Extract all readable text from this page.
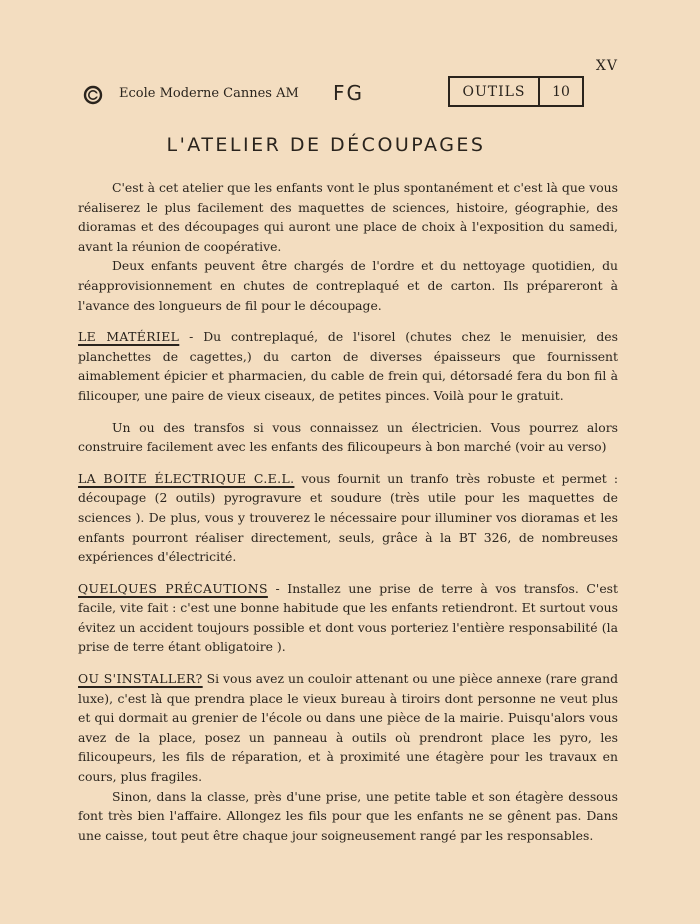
XV
Ecole Moderne Cannes AM FG	OUTILS	10
L'ATELIER DE DÉCOUPAGES

C'est à cet atelier que les enfants vont le plus spontanément et c'est là que vous réaliserez le plus facilement des maquettes de sciences, histoire, géographie, des dioramas et des découpages qui auront une place de choix à l'exposition du samedi, avant la réunion de coopérative.

Deux enfants peuvent être chargés de l'ordre et du nettoyage quotidien, du réapprovisionnement en chutes de contreplaqué et de carton. Ils prépareront à l'avance des longueurs de fil pour le découpage.

LE MATÉRIEL - Du contreplaqué, de l'isorel (chutes chez le menuisier, des planchettes de cagettes,) du carton de diverses épaisseurs que fournissent aimablement épicier et pharmacien, du cable de frein qui, détorsadé fera du bon fil à filicouper, une paire de vieux ciseaux, de petites pinces. Voilà pour le gratuit.

Un ou des transfos si vous connaissez un électricien. Vous pourrez alors construire facilement avec les enfants des filicoupeurs à bon marché (voir au verso)

LA BOITE ÉLECTRIQUE C.E.L. vous fournit un tranfo très robuste et permet : découpage (2 outils) pyrogravure et soudure (très utile pour les maquettes de sciences ). De plus, vous y trouverez le nécessaire pour illuminer vos dioramas et les enfants pourront réaliser directement, seuls, grâce à la BT 326, de nombreuses expériences d'électricité.

QUELQUES PRÉCAUTIONS - Installez une prise de terre à vos transfos. C'est facile, vite fait : c'est une bonne habitude que les enfants retiendront. Et surtout vous évitez un accident toujours possible et dont vous porteriez l'entière responsabilité (la prise de terre étant obligatoire ).

OU S'INSTALLER? Si vous avez un couloir attenant ou une pièce annexe (rare grand luxe), c'est là que prendra place le vieux bureau à tiroirs dont personne ne veut plus et qui dormait au grenier de l'école ou dans une pièce de la mairie. Puisqu'alors vous avez de la place, posez un panneau à outils où prendront place les pyro, les filicoupeurs, les fils de réparation, et à proximité une étagère pour les travaux en cours, plus fragiles.

Sinon, dans la classe, près d'une prise, une petite table et son étagère dessous font très bien l'affaire. Allongez les fils pour que les enfants ne se gênent pas. Dans une caisse, tout peut être chaque jour soigneusement rangé par les responsables.
